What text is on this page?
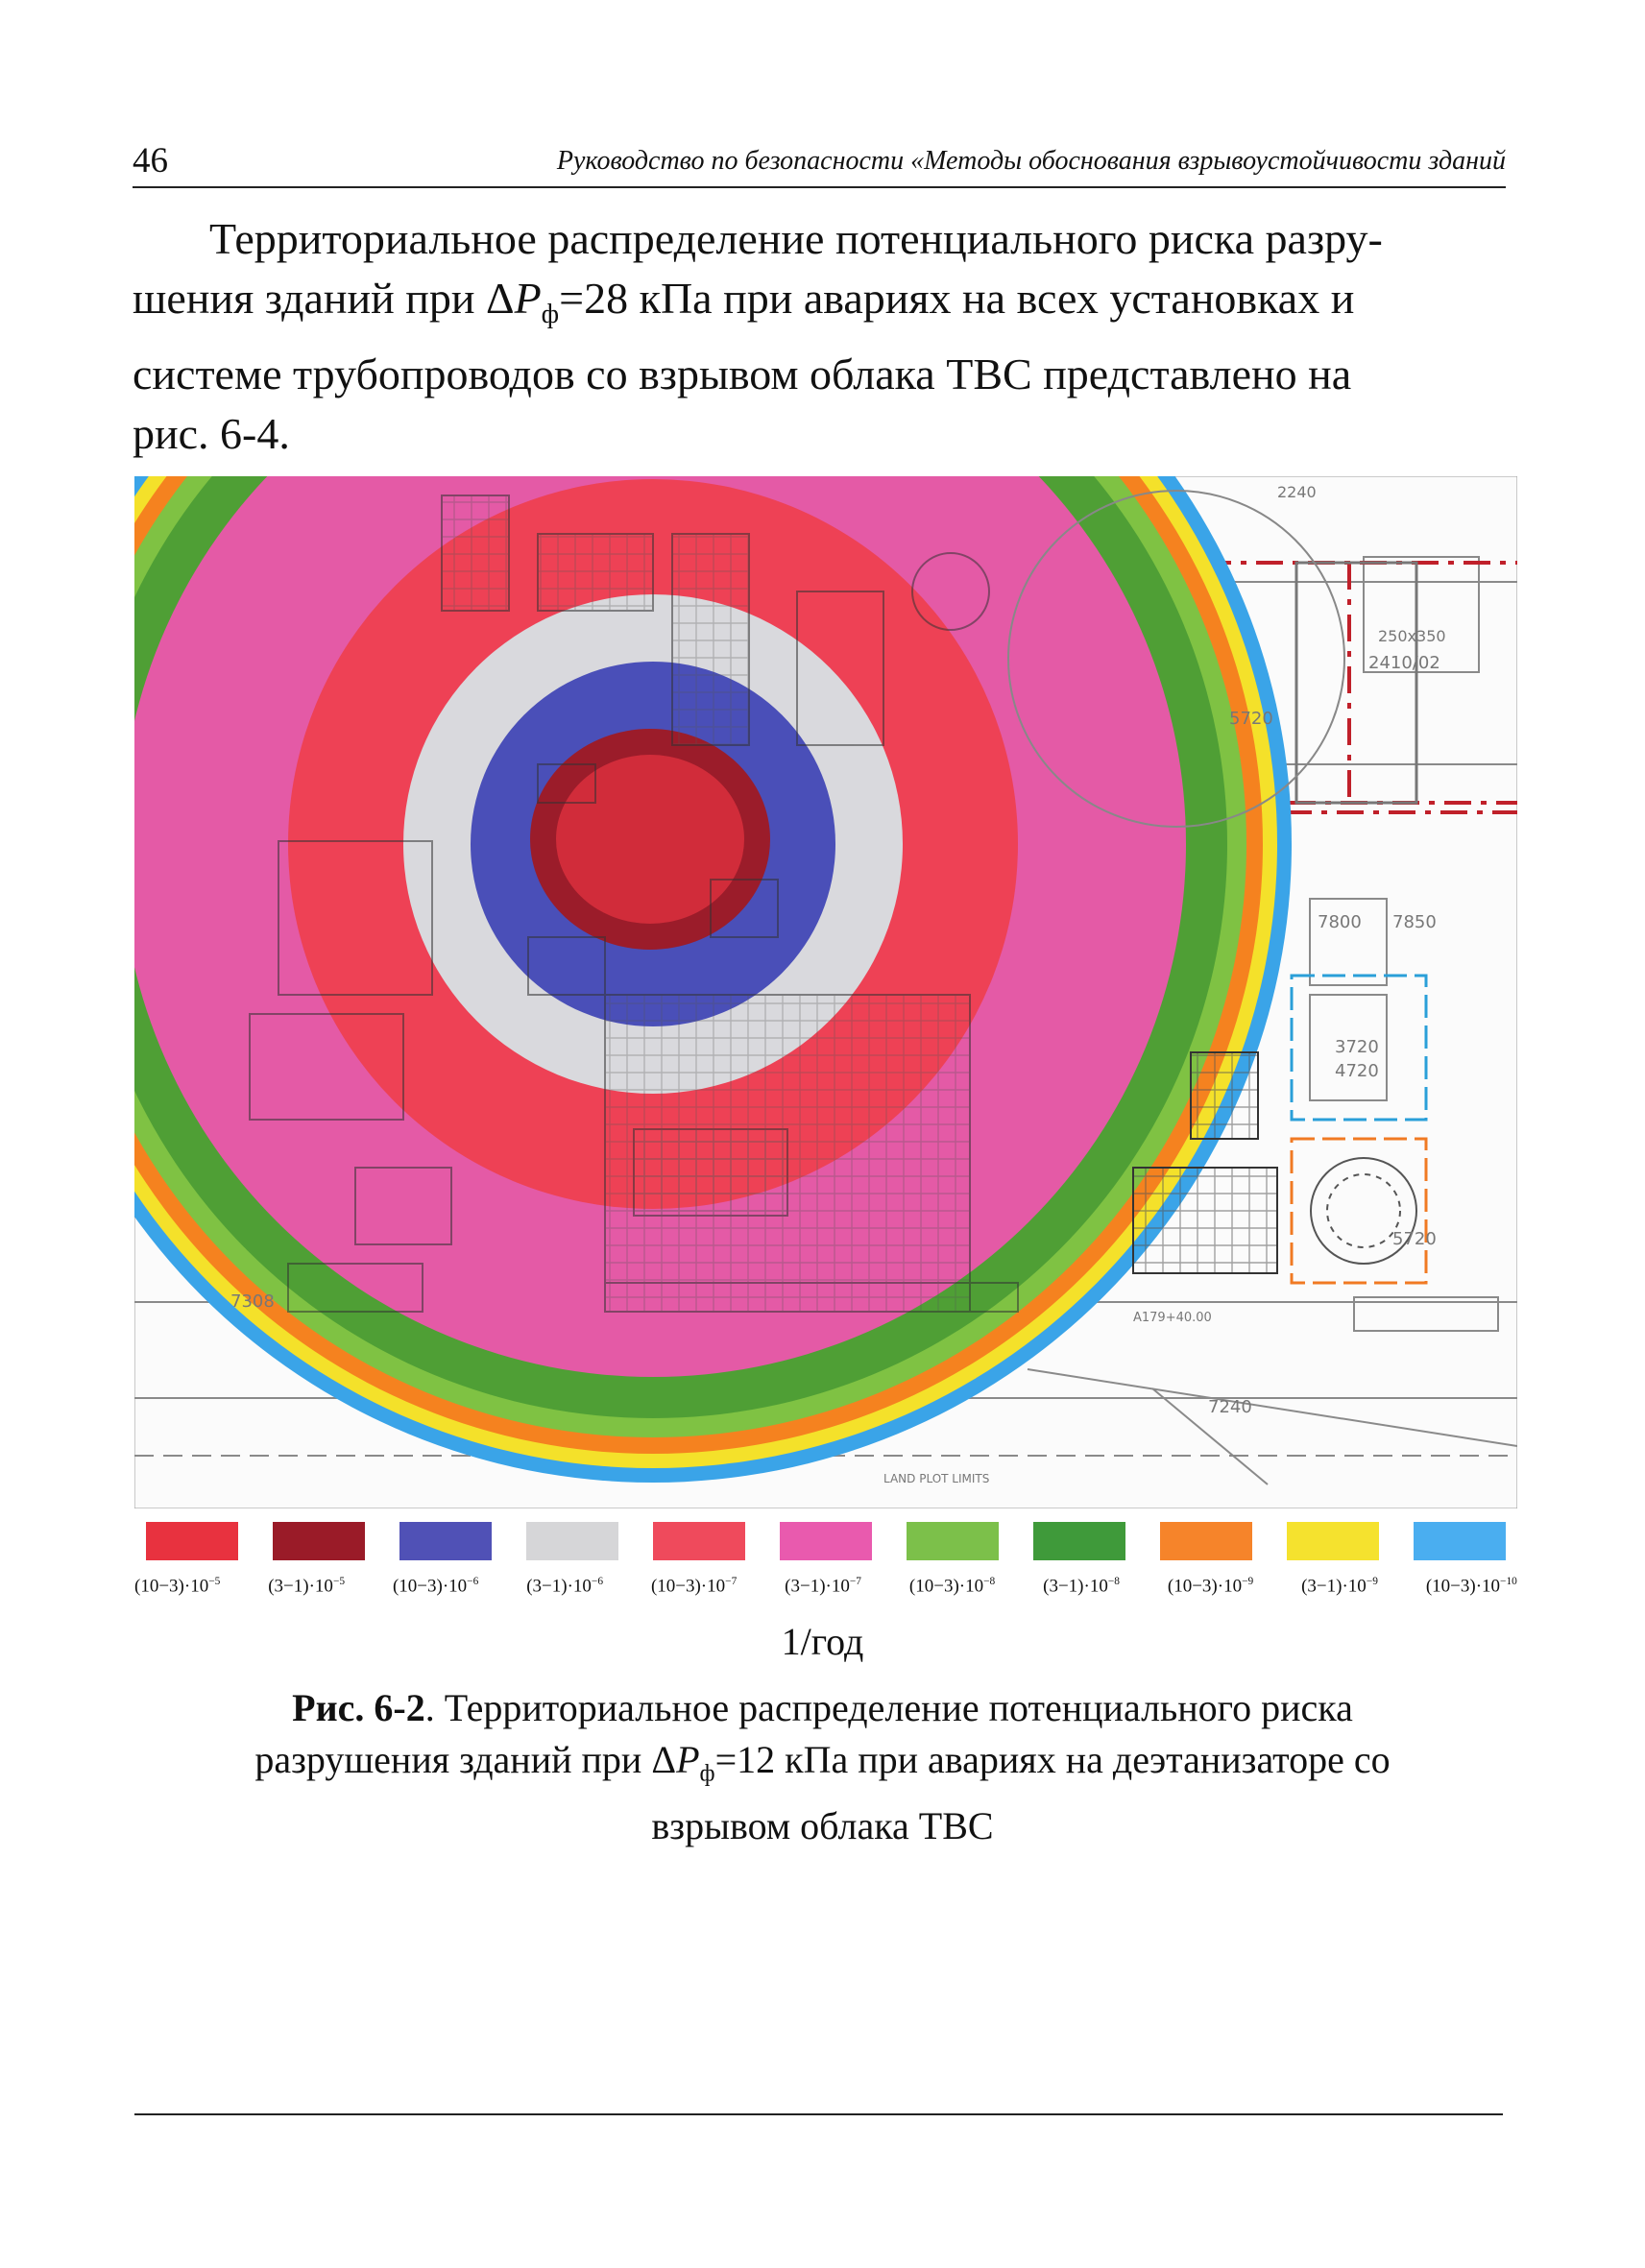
46	Руководство по безопасности «Методы обоснования взрывоустойчивости зданий
Территориальное распределение потенциального риска разру-
шения зданий при $\Delta P_ф=28$ кПа при авариях на всех установках и
системе трубопроводов со взрывом облака ТВС представлено на
рис. 6-4.
2240
250x350
2410/02
5720
7800 7850
3720
4720
5720
7308
7240
A179+40.00
LAND PLOT LIMITS
$(10-3)\cdot 10^{-5}$	$(3-1)\cdot 10^{-5}$	$(10-3)\cdot 10^{-6}$	$(3-1)\cdot 10^{-6}$	$(10-3)\cdot 10^{-7}$	$(3-1)\cdot 10^{-7}$	$(10-3)\cdot 10^{-8}$	$(3-1)\cdot 10^{-8}$	$(10-3)\cdot 10^{-9}$	$(3-1)\cdot 10^{-9}$	$(10-3)\cdot 10^{-10}$
1/год
Рис. 6-2. Территориальное распределение потенциального риска
разрушения зданий при $\Delta P_ф=12$ кПа при авариях на деэтанизаторе со
взрывом облака ТВС
